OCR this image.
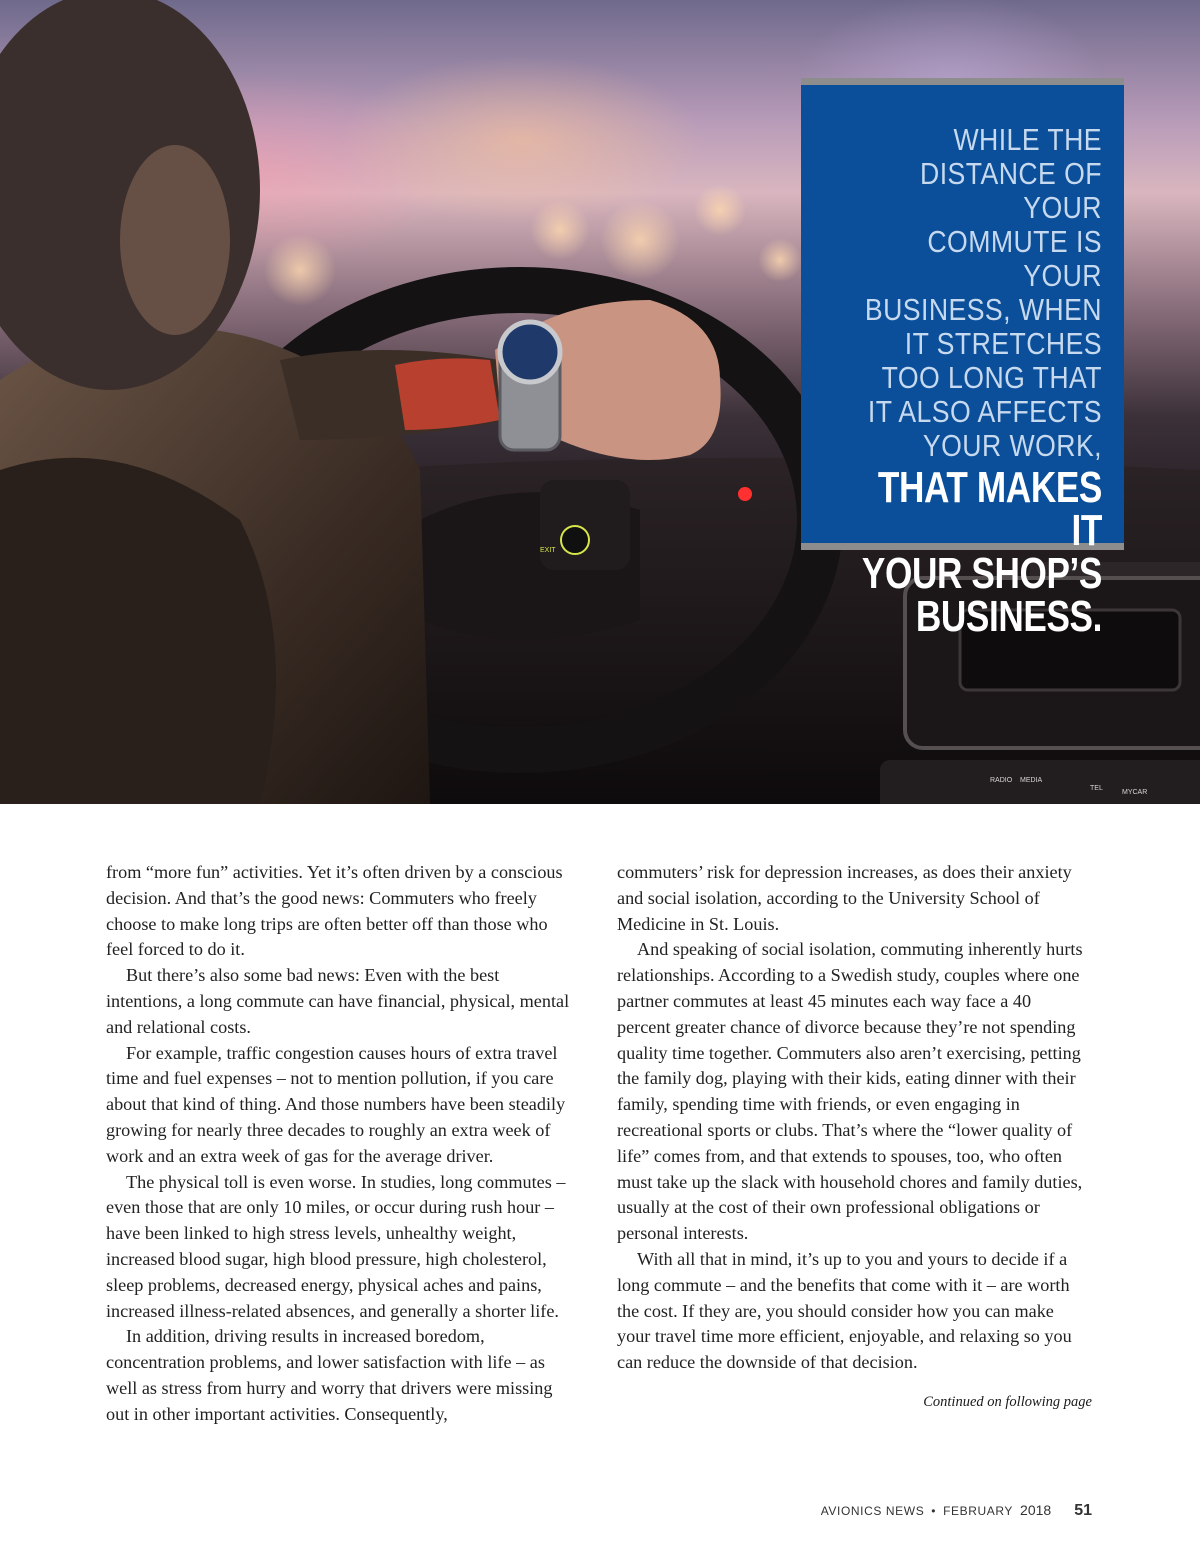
RADIO MEDIA
TEL
MYCAR
EXIT
WHILE THE
DISTANCE OF YOUR
COMMUTE IS YOUR
BUSINESS, WHEN
IT STRETCHES
TOO LONG THAT
IT ALSO AFFECTS
YOUR WORK,
THAT MAKES IT
YOUR SHOP’S
BUSINESS.

from “more fun” activities. Yet it’s often driven by a conscious decision. And that’s the good news: Commuters who freely choose to make long trips are often better off than those who feel forced to do it.

But there’s also some bad news: Even with the best intentions, a long commute can have financial, physical, mental and relational costs.

For example, traffic congestion causes hours of extra travel time and fuel expenses – not to mention pollution, if you care about that kind of thing. And those numbers have been steadily growing for nearly three decades to roughly an extra week of work and an extra week of gas for the average driver.

The physical toll is even worse. In studies, long commutes – even those that are only 10 miles, or occur during rush hour – have been linked to high stress levels, unhealthy weight, increased blood sugar, high blood pressure, high cholesterol, sleep problems, decreased energy, physical aches and pains, increased illness-related absences, and generally a shorter life.

In addition, driving results in increased boredom, concentration problems, and lower satisfaction with life – as well as stress from hurry and worry that drivers were missing out in other important activities. Consequently,

commuters’ risk for depression increases, as does their anxiety and social isolation, according to the University School of Medicine in St. Louis.

And speaking of social isolation, commuting inherently hurts relationships. According to a Swedish study, couples where one partner commutes at least 45 minutes each way face a 40 percent greater chance of divorce because they’re not spending quality time together. Commuters also aren’t exercising, petting the family dog, playing with their kids, eating dinner with their family, spending time with friends, or even engaging in recreational sports or clubs. That’s where the “lower quality of life” comes from, and that extends to spouses, too, who often must take up the slack with household chores and family duties, usually at the cost of their own professional obligations or personal interests.

With all that in mind, it’s up to you and yours to decide if a long commute – and the benefits that come with it – are worth the cost. If they are, you should consider how you can make your travel time more efficient, enjoyable, and relaxing so you can reduce the downside of that decision.

Continued on following page
AVIONICS NEWS • FEBRUARY 2018 51
